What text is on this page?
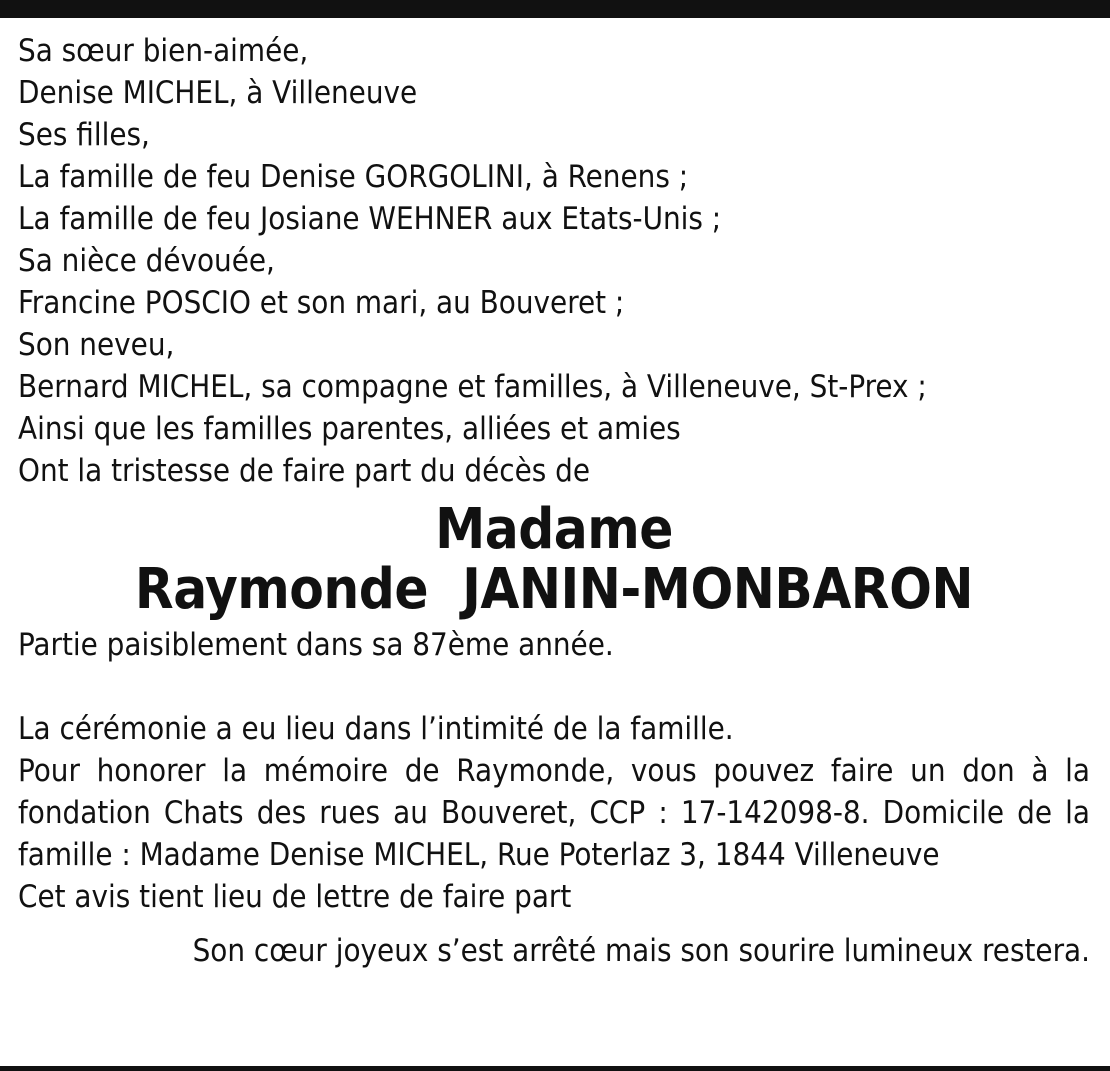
Sa sœur bien-aimée,
Denise MICHEL, à Villeneuve
Ses filles,
La famille de feu Denise GORGOLINI, à Renens ;
La famille de feu Josiane WEHNER aux Etats-Unis ;
Sa nièce dévouée,
Francine POSCIO et son mari, au Bouveret ;
Son neveu,
Bernard MICHEL, sa compagne et familles, à Villeneuve, St-Prex ;
Ainsi que les familles parentes, alliées et amies
Ont la tristesse de faire part du décès de
Madame
Raymonde  JANIN-MONBARON
Partie paisiblement dans sa 87ème année.
La cérémonie a eu lieu dans l’intimité de la famille.
Pour honorer la mémoire de Raymonde, vous pouvez faire un don à la fondation Chats des rues au Bouveret, CCP : 17-142098-8. Domicile de la famille : Madame Denise MICHEL, Rue Poterlaz 3, 1844 Villeneuve
Cet avis tient lieu de lettre de faire part
Son cœur joyeux s’est arrêté mais son sourire lumineux restera.
